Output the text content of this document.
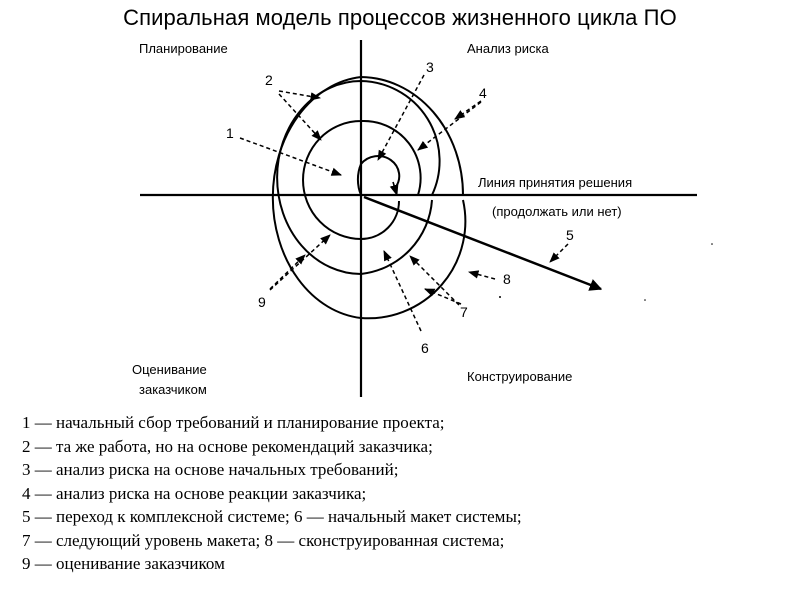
Спиральная модель процессов жизненного цикла ПО
Планирование	Анализ риска
Оценивание
заказчиком
Конструирование
Линия принятия решения
(продолжать или нет)
1
2
3
4
5
6
7
8
9
1 — начальный сбор требований и планирование проекта;
2 — та же работа, но на основе рекомендаций заказчика;
3 — анализ риска на основе начальных требований;
4 — анализ риска на основе реакции заказчика;
5 — переход к комплексной системе; 6 — начальный макет системы;
7 — следующий уровень макета; 8 — сконструированная система;
9 — оценивание заказчиком
